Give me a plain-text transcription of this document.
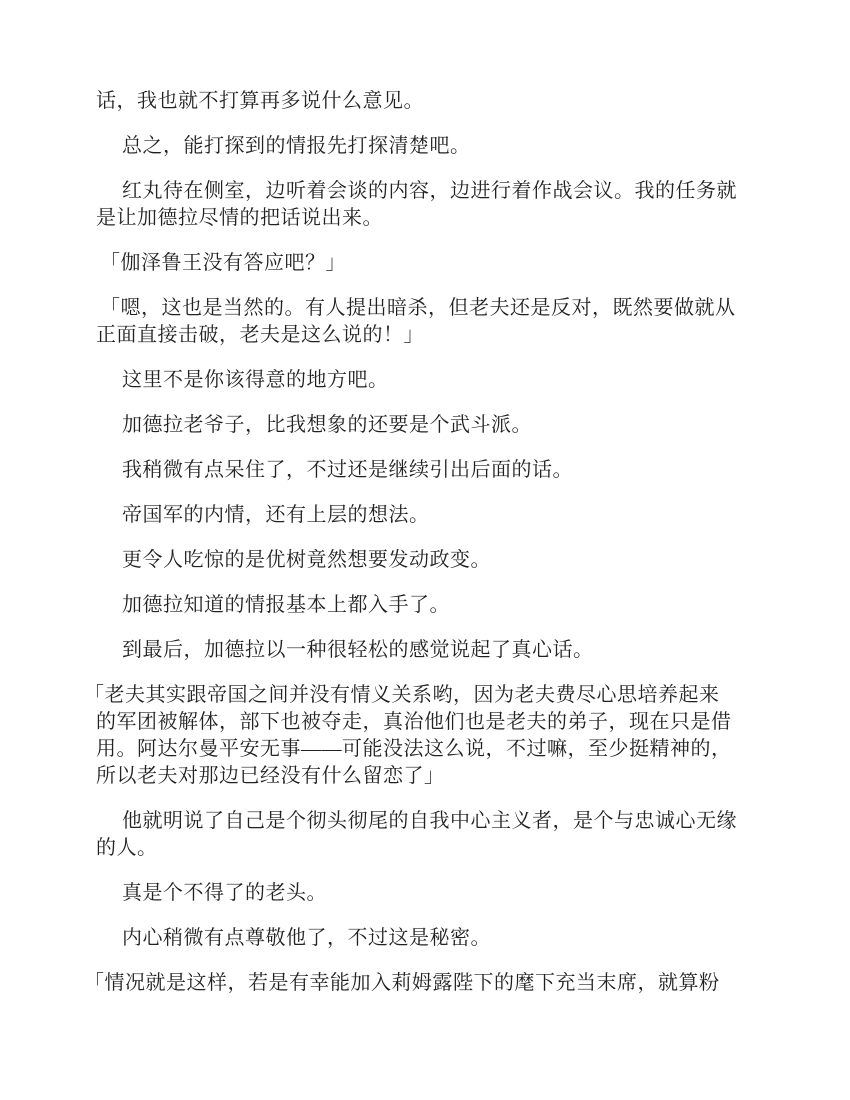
话，我也就不打算再多说什么意见。

总之，能打探到的情报先打探清楚吧。

红丸待在侧室，边听着会谈的内容，边进行着作战会议。我的任务就
是让加德拉尽情的把话说出来。

「伽泽鲁王没有答应吧？」

「嗯，这也是当然的。有人提出暗杀，但老夫还是反对，既然要做就从
正面直接击破，老夫是这么说的！」

这里不是你该得意的地方吧。

加德拉老爷子，比我想象的还要是个武斗派。

我稍微有点呆住了，不过还是继续引出后面的话。

帝国军的内情，还有上层的想法。

更令人吃惊的是优树竟然想要发动政变。

加德拉知道的情报基本上都入手了。

到最后，加德拉以一种很轻松的感觉说起了真心话。

「老夫其实跟帝国之间并没有情义关系哟，因为老夫费尽心思培养起来
的军团被解体，部下也被夺走，真治他们也是老夫的弟子，现在只是借
用。阿达尔曼平安无事——可能没法这么说，不过嘛，至少挺精神的，
所以老夫对那边已经没有什么留恋了」

他就明说了自己是个彻头彻尾的自我中心主义者，是个与忠诚心无缘
的人。

真是个不得了的老头。

内心稍微有点尊敬他了，不过这是秘密。

「情况就是这样，若是有幸能加入莉姆露陛下的麾下充当末席，就算粉
